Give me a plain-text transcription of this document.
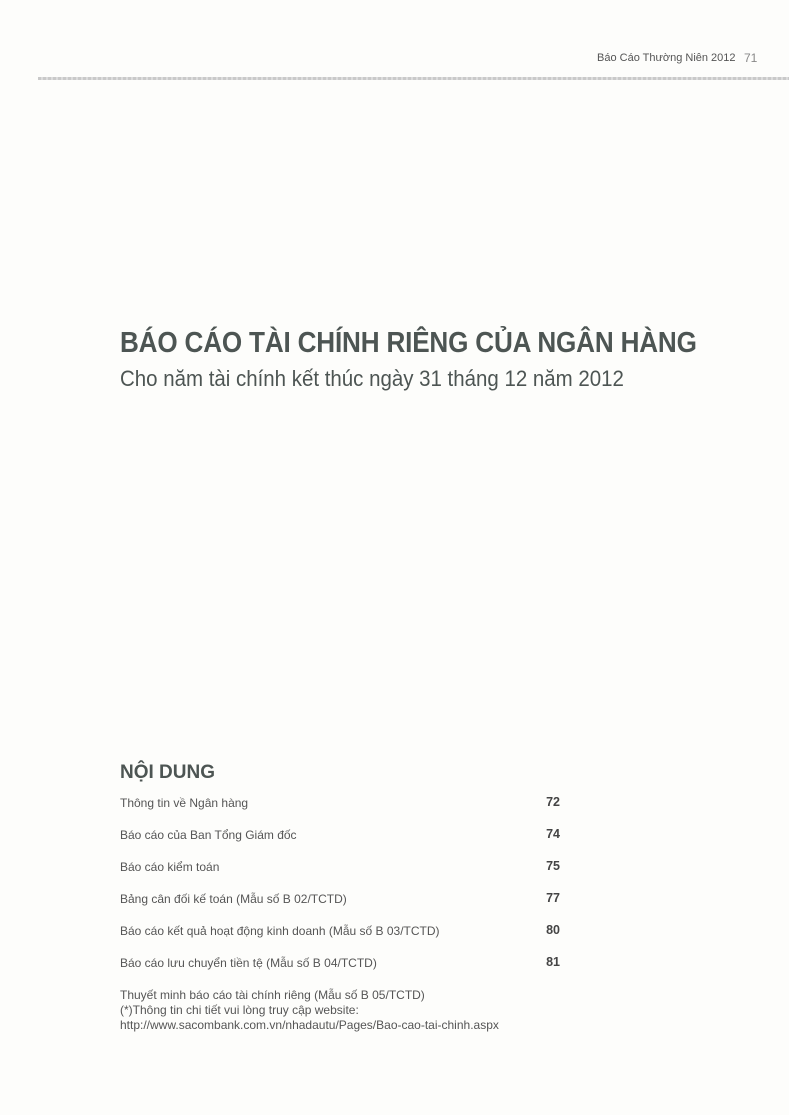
Báo Cáo Thường Niên 2012 71
BÁO CÁO TÀI CHÍNH RIÊNG CỦA NGÂN HÀNG
Cho năm tài chính kết thúc ngày 31 tháng 12 năm 2012
NỘI DUNG
Thông tin về Ngân hàng	72
Báo cáo của Ban Tổng Giám đốc	74
Báo cáo kiểm toán	75
Bảng cân đối kế toán (Mẫu số B 02/TCTD)	77
Báo cáo kết quả hoạt động kinh doanh (Mẫu số B 03/TCTD)	80
Báo cáo lưu chuyển tiền tệ (Mẫu số B 04/TCTD)	81
Thuyết minh báo cáo tài chính riêng (Mẫu số B 05/TCTD)
(*)Thông tin chi tiết vui lòng truy cập website:
http://www.sacombank.com.vn/nhadautu/Pages/Bao-cao-tai-chinh.aspx
